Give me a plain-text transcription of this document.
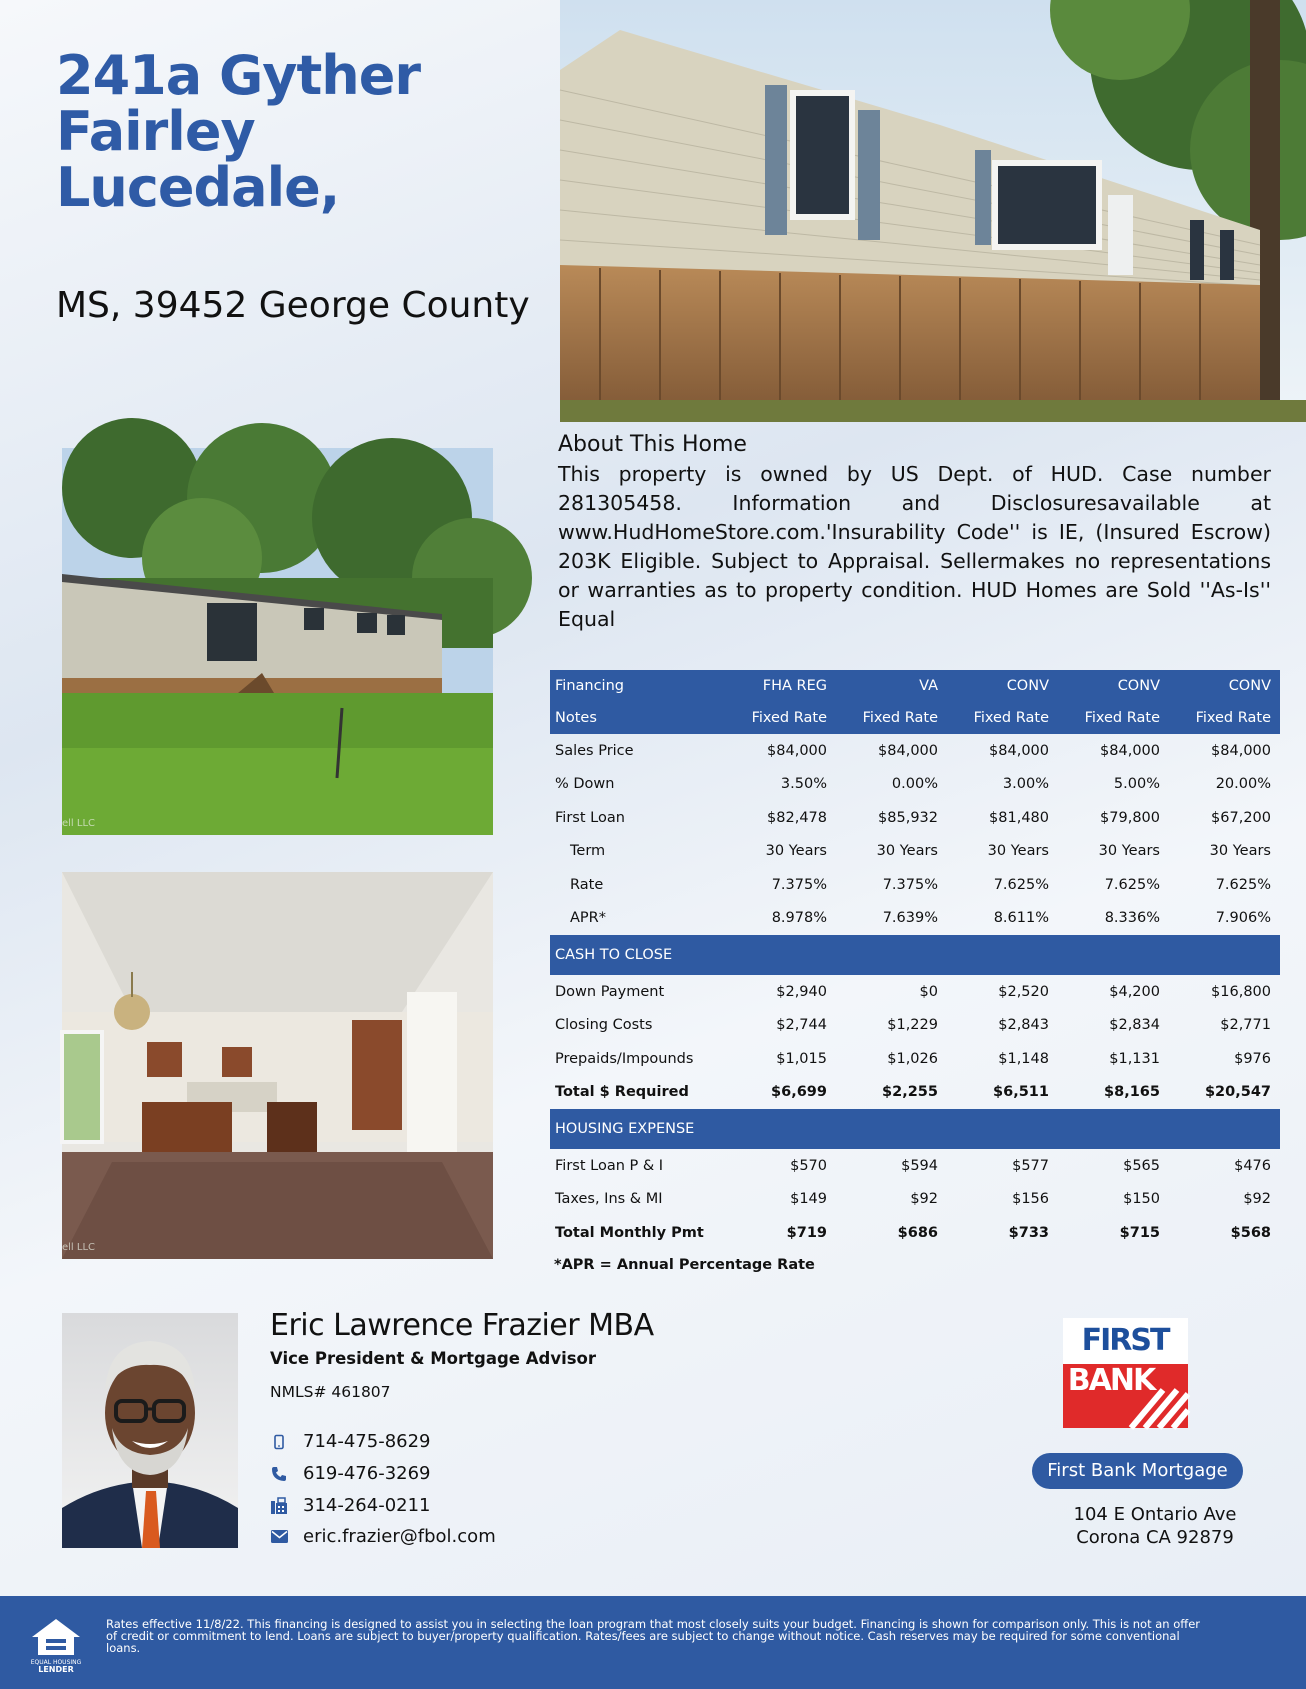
241a Gyther Fairley
Lucedale,
MS, 39452 George County
About This Home
This property is owned by US Dept. of HUD. Case number 281305458. Information and Disclosuresavailable at www.HudHomeStore.com.'Insurability Code'' is IE, (Insured Escrow) 203K Eligible. Subject to Appraisal. Sellermakes no representations or warranties as to property condition. HUD Homes are Sold ''As-Is'' Equal
ell LLC
ell LLC
Financing	FHA REG	VA	CONV	CONV	CONV
Notes	Fixed Rate	Fixed Rate	Fixed Rate	Fixed Rate	Fixed Rate
Sales Price	$84,000	$84,000	$84,000	$84,000	$84,000
% Down	3.50%	0.00%	3.00%	5.00%	20.00%
First Loan	$82,478	$85,932	$81,480	$79,800	$67,200
Term	30 Years	30 Years	30 Years	30 Years	30 Years
Rate	7.375%	7.375%	7.625%	7.625%	7.625%
APR*	8.978%	7.639%	8.611%	8.336%	7.906%
CASH TO CLOSE					
Down Payment	$2,940	$0	$2,520	$4,200	$16,800
Closing Costs	$2,744	$1,229	$2,843	$2,834	$2,771
Prepaids/Impounds	$1,015	$1,026	$1,148	$1,131	$976
Total $ Required	$6,699	$2,255	$6,511	$8,165	$20,547
HOUSING EXPENSE					
First Loan P & I	$570	$594	$577	$565	$476
Taxes, Ins & MI	$149	$92	$156	$150	$92
Total Monthly Pmt	$719	$686	$733	$715	$568
*APR = Annual Percentage Rate
Eric Lawrence Frazier MBA
Vice President & Mortgage Advisor
NMLS# 461807
714-475-8629
619-476-3269
314-264-0211
eric.frazier@fbol.com
FIRST
BANK
First Bank Mortgage
104 E Ontario Ave
Corona CA 92879
EQUAL HOUSING
LENDER
Rates effective 11/8/22. This financing is designed to assist you in selecting the loan program that most closely suits your budget. Financing is shown for comparison only. This is not an offer of credit or commitment to lend. Loans are subject to buyer/property qualification. Rates/fees are subject to change without notice. Cash reserves may be required for some conventional loans.
